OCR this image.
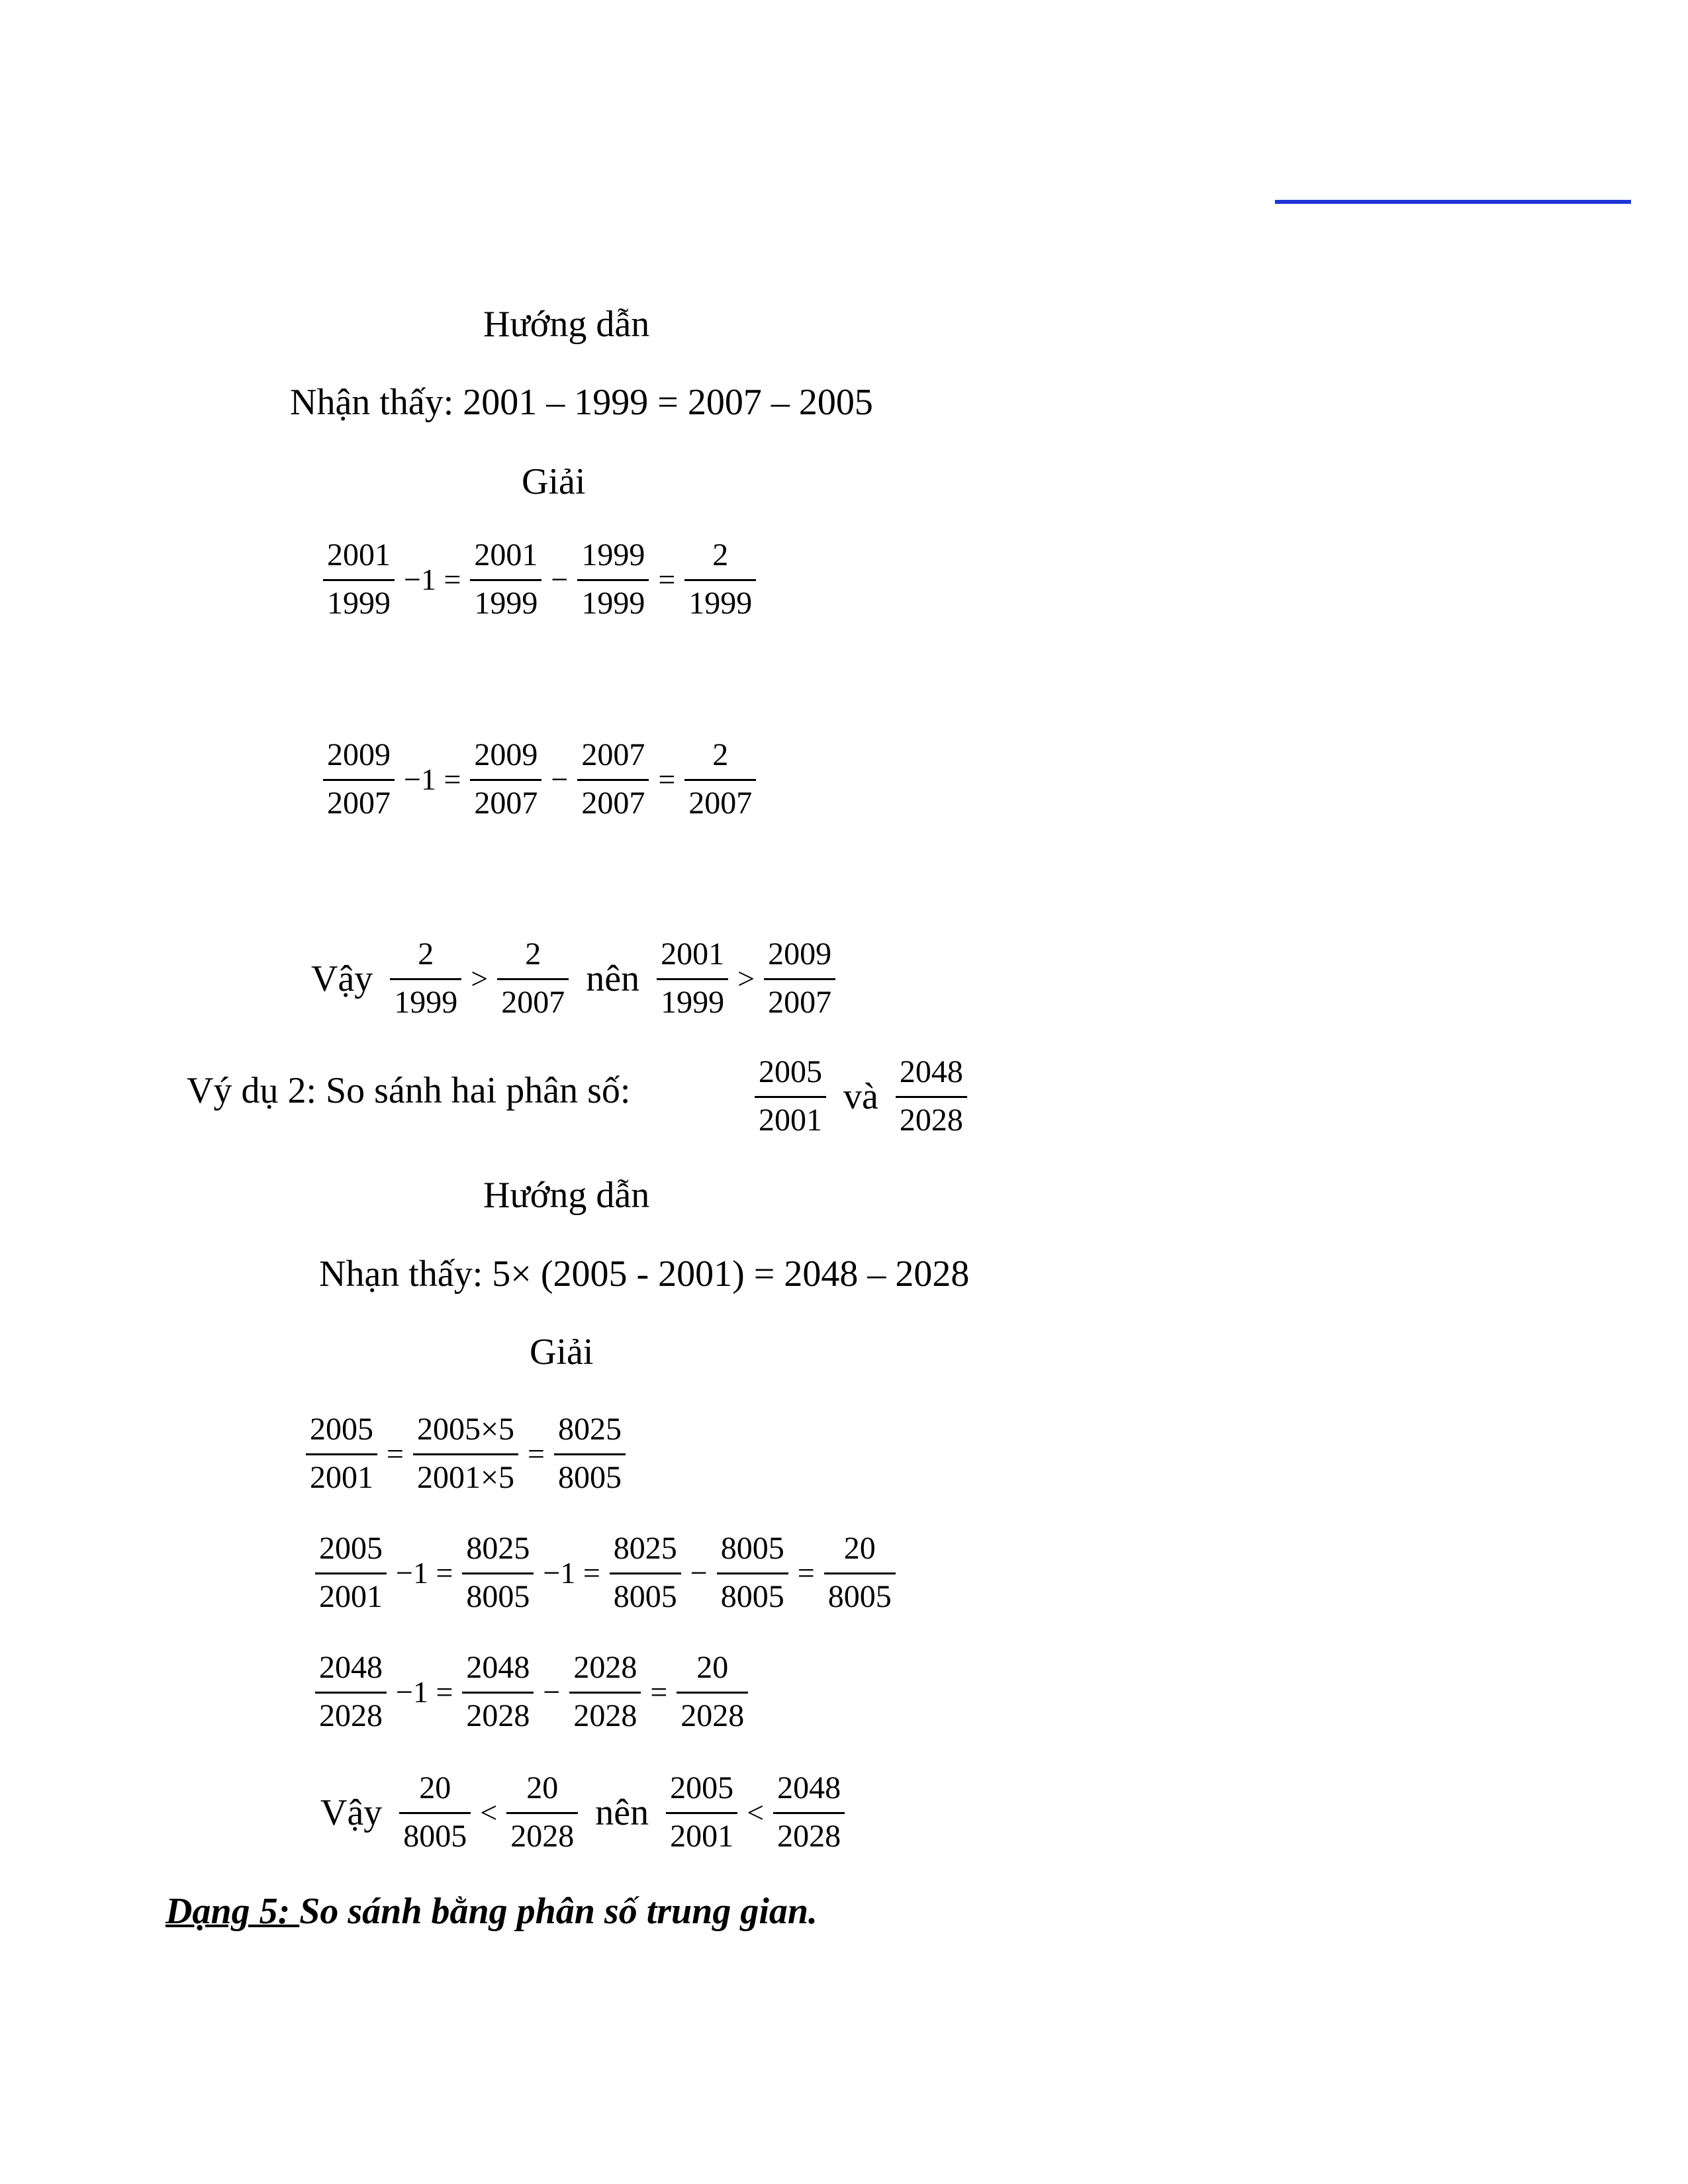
Hướng dẫn
Nhận thấy: 2001 – 1999 = 2007 – 2005
Giải
$\frac{2001}{1999} -1 = \frac{2001}{1999} - \frac{1999}{1999} = \frac{2}{1999}$
$\frac{2009}{2007} -1 = \frac{2009}{2007} - \frac{2007}{2007} = \frac{2}{2007}$
Vậy $\frac{2}{1999} > \frac{2}{2007}$ nên $\frac{2001}{1999} > \frac{2009}{2007}$
Vý dụ 2: So sánh hai phân số:	$\frac{2005}{2001}$ và $\frac{2048}{2028}$
Hướng dẫn
Nhạn thấy: 5× (2005 - 2001) = 2048 – 2028
Giải
$\frac{2005}{2001} = \frac{2005\times 5}{2001\times 5} = \frac{8025}{8005}$
$\frac{2005}{2001} -1 = \frac{8025}{8005} -1 = \frac{8025}{8005} - \frac{8005}{8005} = \frac{20}{8005}$
$\frac{2048}{2028} -1 = \frac{2048}{2028} - \frac{2028}{2028} = \frac{20}{2028}$
Vậy $\frac{20}{8005} < \frac{20}{2028}$ nên $\frac{2005}{2001} < \frac{2048}{2028}$
Dạng 5: So sánh bằng phân số trung gian.
